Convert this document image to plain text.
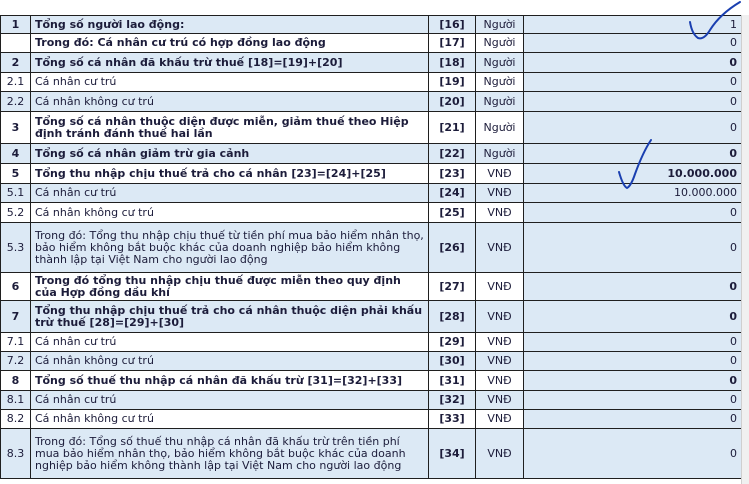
1	Tổng số người lao động:	[16]	Người	1
	Trong đó: Cá nhân cư trú có hợp đồng lao động	[17]	Người	0
2	Tổng số cá nhân đã khấu trừ thuế [18]=[19]+[20]	[18]	Người	0
2.1	Cá nhân cư trú	[19]	Người	0
2.2	Cá nhân không cư trú	[20]	Người	0
3	Tổng số cá nhân thuộc diện được miễn, giảm thuế theo Hiệp định tránh đánh thuế hai lần	[21]	Người	0
4	Tổng số cá nhân giảm trừ gia cảnh	[22]	Người	0
5	Tổng thu nhập chịu thuế trả cho cá nhân [23]=[24]+[25]	[23]	VNĐ	10.000.000
5.1	Cá nhân cư trú	[24]	VNĐ	10.000.000
5.2	Cá nhân không cư trú	[25]	VNĐ	0
5.3	Trong đó: Tổng thu nhập chịu thuế từ tiền phí mua bảo hiểm nhân thọ, bảo hiểm không bắt buộc khác của doanh nghiệp bảo hiểm không thành lập tại Việt Nam cho người lao động	[26]	VNĐ	0
6	Trong đó tổng thu nhập chịu thuế được miễn theo quy định của Hợp đồng dầu khí	[27]	VNĐ	0
7	Tổng thu nhập chịu thuế trả cho cá nhân thuộc diện phải khấu trừ thuế [28]=[29]+[30]	[28]	VNĐ	0
7.1	Cá nhân cư trú	[29]	VNĐ	0
7.2	Cá nhân không cư trú	[30]	VNĐ	0
8	Tổng số thuế thu nhập cá nhân đã khấu trừ [31]=[32]+[33]	[31]	VNĐ	0
8.1	Cá nhân cư trú	[32]	VNĐ	0
8.2	Cá nhân không cư trú	[33]	VNĐ	0
8.3	Trong đó: Tổng số thuế thu nhập cá nhân đã khấu trừ trên tiền phí mua bảo hiểm nhân thọ, bảo hiểm không bắt buộc khác của doanh nghiệp bảo hiểm không thành lập tại Việt Nam cho người lao động	[34]	VNĐ	0
